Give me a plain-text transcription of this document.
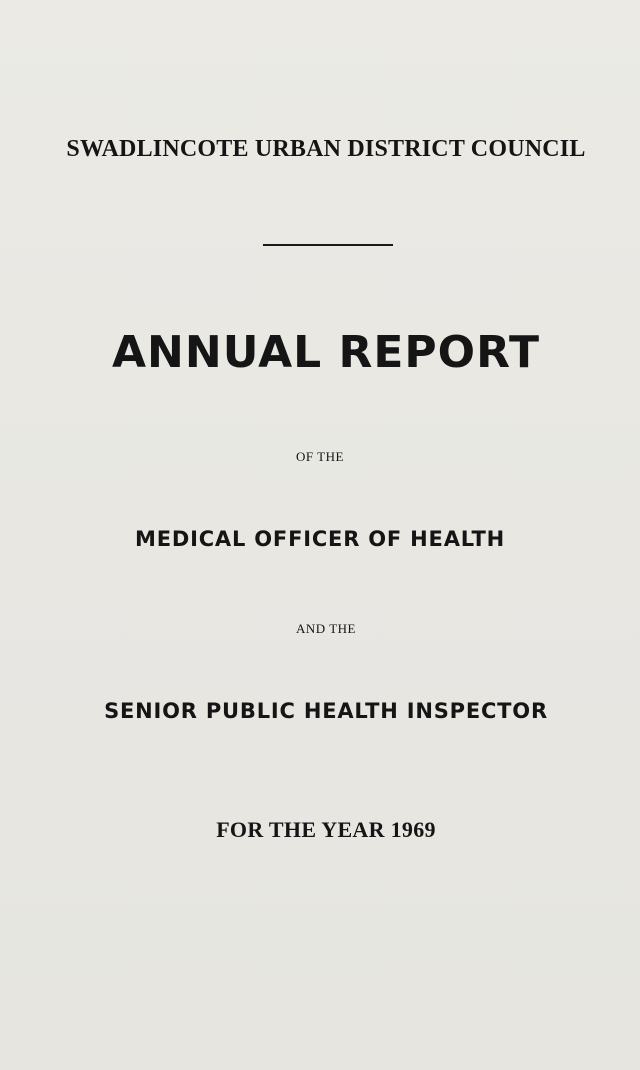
SWADLINCOTE URBAN DISTRICT COUNCIL
ANNUAL REPORT
OF THE
MEDICAL OFFICER OF HEALTH
AND THE
SENIOR PUBLIC HEALTH INSPECTOR
FOR THE YEAR 1969
